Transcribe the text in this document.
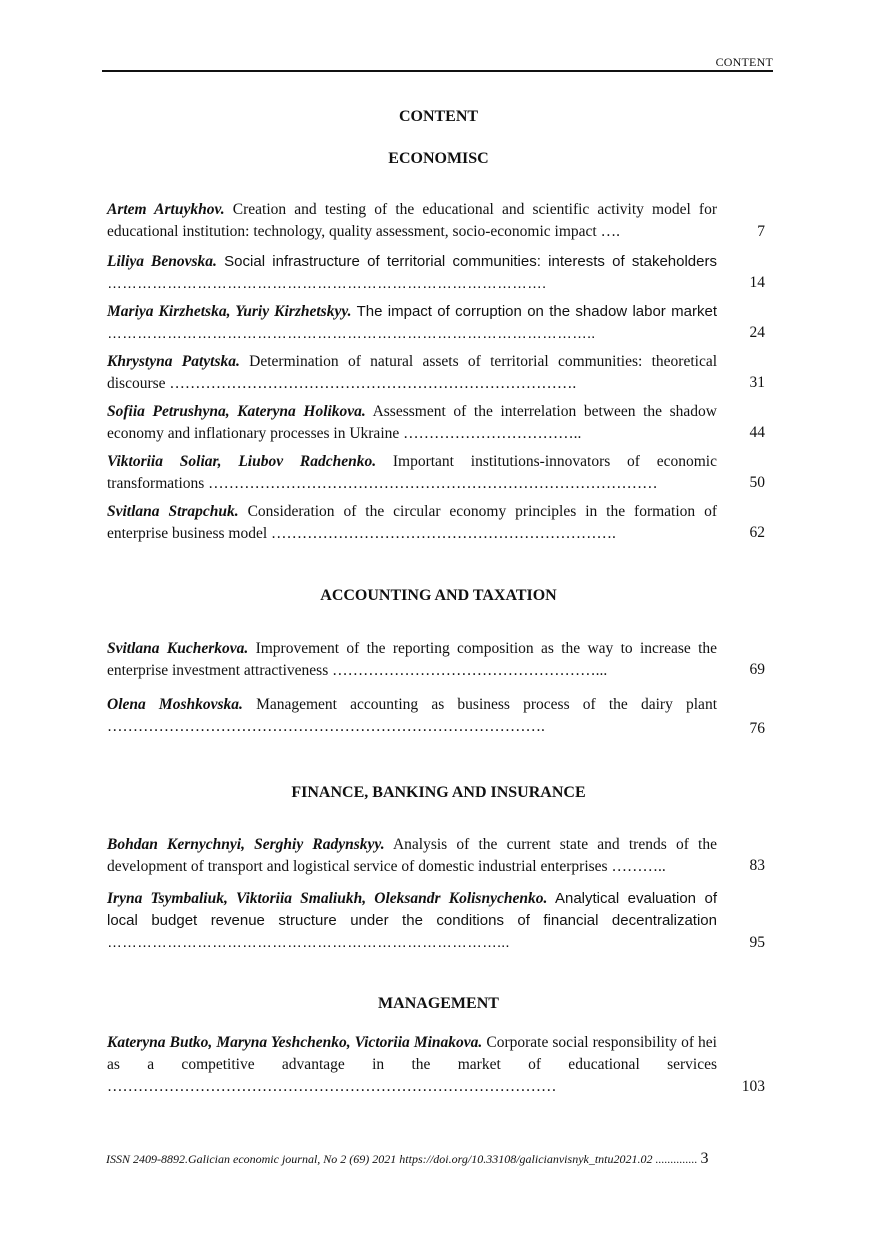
CONTENT
CONTENT
ECONOMISC
Artem Artuykhov. Creation and testing of the educational and scientific activity model for educational institution: technology, quality assessment, socio-economic impact ….	7
Liliya Benovska. Social infrastructure of territorial communities: interests of stakeholders …………………………………………………………………………….	14
Mariya Kirzhetska, Yuriy Kirzhetskyy. The impact of corruption on the shadow labor market ……………………………………………………………………………………..	24
Khrystyna Patytska. Determination of natural assets of territorial communities: theoretical discourse …………………………………………………………………….	31
Sofiia Petrushyna, Kateryna Holikova. Assessment of the interrelation between the shadow economy and inflationary processes in Ukraine ……………………………..	44
Viktoriia Soliar, Liubov Radchenko. Important institutions-innovators of economic transformations ……………………………………………………………………………	50
Svitlana Strapchuk. Consideration of the circular economy principles in the formation of enterprise business model ………………………………………………………….	62
ACCOUNTING AND TAXATION
Svitlana Kucherkova. Improvement of the reporting composition as the way to increase the enterprise investment attractiveness ……………………………………………...	69
Olena Moshkovska. Management accounting as business process of the dairy plant ………………………………………………………………………….	76
FINANCE, BANKING AND INSURANCE
Bohdan Kernychnyi, Serghiy Radynskyy. Analysis of the current state and trends of the development of transport and logistical service of domestic industrial enterprises ………..	83
Iryna Tsymbaliuk, Viktoriia Smaliukh, Oleksandr Kolisnychenko. Analytical evaluation of local budget revenue structure under the conditions of financial decentralization ……………………………………………………………………...	95
MANAGEMENT
Kateryna Butko, Maryna Yeshchenko, Victoriia Minakova. Corporate social responsibility of hei as a competitive advantage in the market of educational services ……………………………………………………………………………	103
ISSN 2409-8892.Galician economic journal, No 2 (69) 2021 https://doi.org/10.33108/galicianvisnyk_tntu2021.02 .............. 3
